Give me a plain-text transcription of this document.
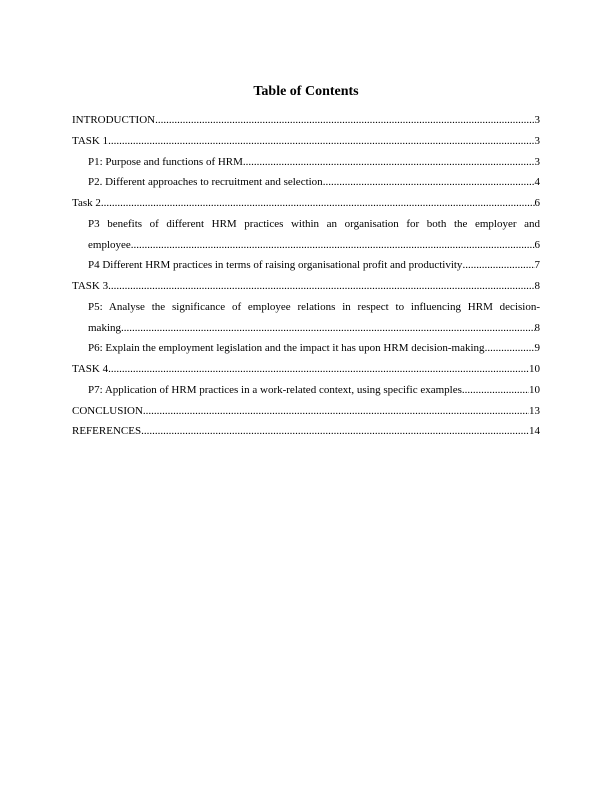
Table of Contents
INTRODUCTION .....	3
TASK 1 .....	3
P1: Purpose and functions of HRM .....	3
P2. Different approaches to recruitment and selection .....	4
Task 2 .....	6
P3 benefits of different HRM practices within an organisation for both the employer and
employee .....	6
P4 Different HRM practices in terms of raising organisational profit and productivity .....	7
TASK 3 .....	8
P5: Analyse the significance of employee relations in respect to influencing HRM decision-
making .....	8
P6: Explain the employment legislation and the impact it has upon HRM decision-making .....	9
TASK 4 .....	10
P7: Application of HRM practices in a work-related context, using specific examples .....	10
CONCLUSION .....	13
REFERENCES .....	14
